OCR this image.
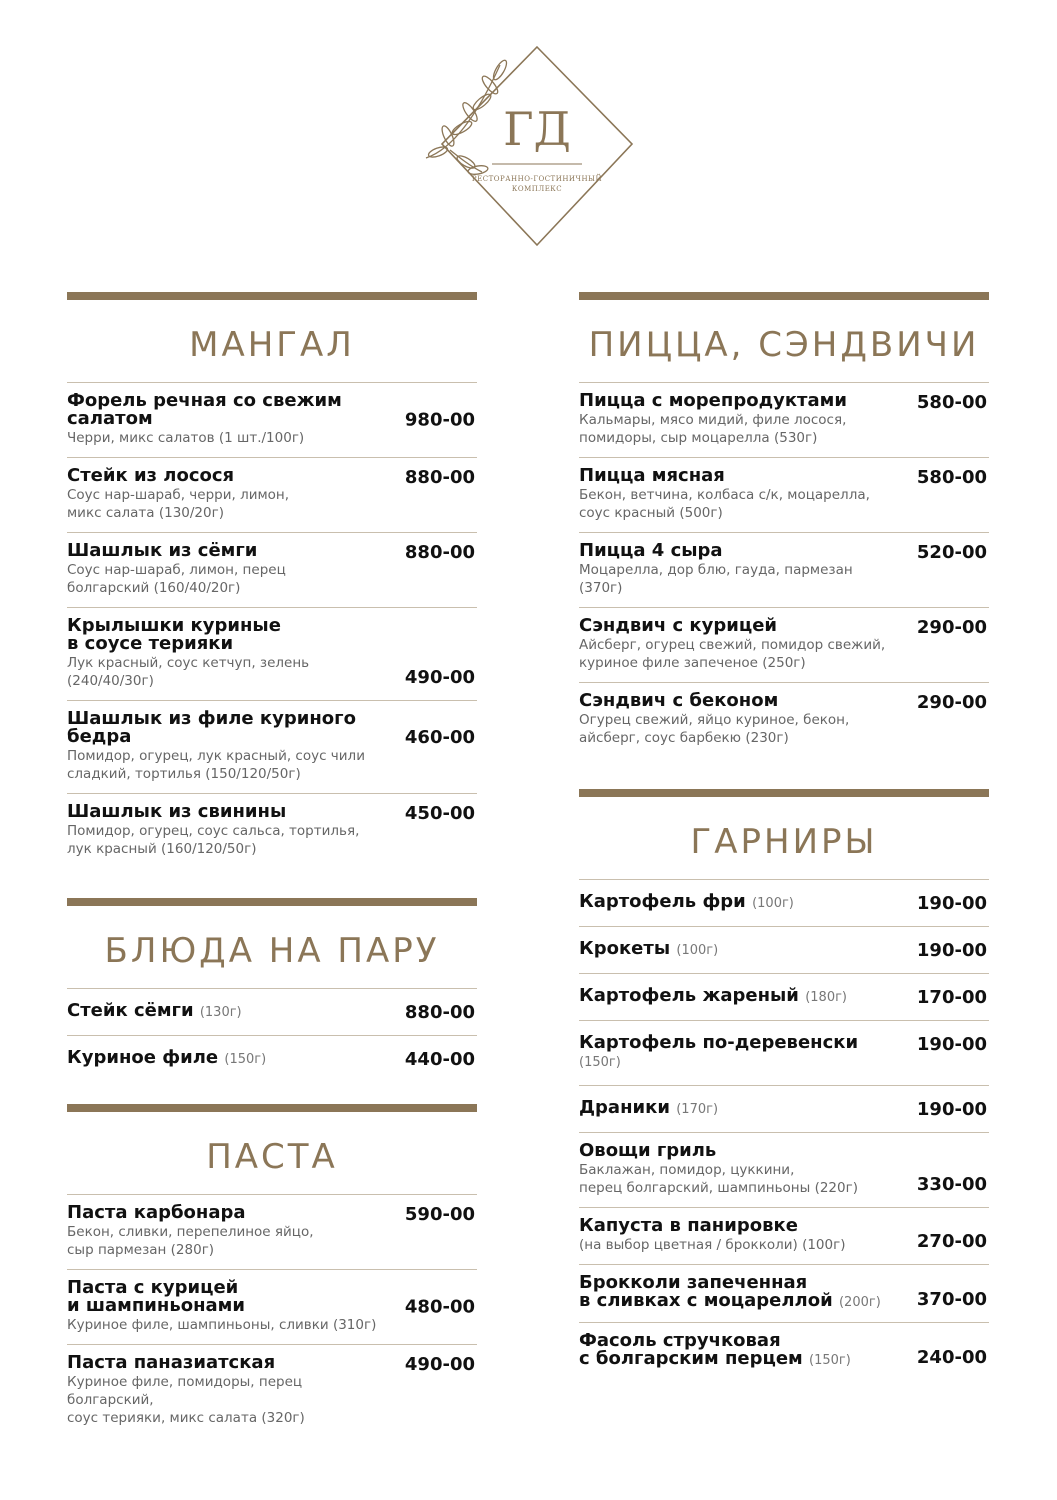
ГД
РЕСТОРАННО-ГОСТИНИЧНЫЙ
КОМПЛЕКС
МАНГАЛ
Форель речная со свежим
салатом
Черри, микс салатов (1 шт./100г)
980-00
Стейк из лосося
Соус нар-шараб, черри, лимон,
микс салата (130/20г)
880-00
Шашлык из сёмги
Соус нар-шараб, лимон, перец
болгарский (160/40/20г)
880-00
Крылышки куриные
в соусе терияки
Лук красный, соус кетчуп, зелень (240/40/30г)	490-00
Шашлык из филе куриного
бедра
Помидор, огурец, лук красный, соус чили
сладкий, тортилья (150/120/50г)
460-00
Шашлык из свинины
Помидор, огурец, соус сальса, тортилья,
лук красный (160/120/50г)
450-00
БЛЮДА НА ПАРУ
Стейк сёмги (130г)	880-00
Куриное филе (150г)	440-00
ПАСТА
Паста карбонара
Бекон, сливки, перепелиное яйцо,
сыр пармезан (280г)
590-00
Паста с курицей
и шампиньонами
Куриное филе, шампиньоны, сливки (310г)
480-00
Паста паназиатская
Куриное филе, помидоры, перец болгарский,
соус терияки, микс салата (320г)
490-00
ПИЦЦА, СЭНДВИЧИ
Пицца с морепродуктами
Кальмары, мясо мидий, филе лосося,
помидоры, сыр моцарелла (530г)
580-00
Пицца мясная
Бекон, ветчина, колбаса с/к, моцарелла,
соус красный (500г)
580-00
Пицца 4 сыра
Моцарелла, дор блю, гауда, пармезан (370г)
520-00
Сэндвич с курицей
Айсберг, огурец свежий, помидор свежий,
куриное филе запеченое (250г)
290-00
Сэндвич с беконом
Огурец свежий, яйцо куриное, бекон,
айсберг, соус барбекю (230г)
290-00
ГАРНИРЫ
Картофель фри (100г)	190-00
Крокеты (100г)	190-00
Картофель жареный (180г)	170-00
Картофель по-деревенски (150г)
190-00
Драники (170г)	190-00
Овощи гриль
Баклажан, помидор, цуккини,
перец болгарский, шампиньоны (220г)	330-00
Капуста в панировке
(на выбор цветная / брокколи) (100г)	270-00
Брокколи запеченная
в сливках с моцареллой (200г)	370-00
Фасоль стручковая
с болгарским перцем (150г)	240-00
